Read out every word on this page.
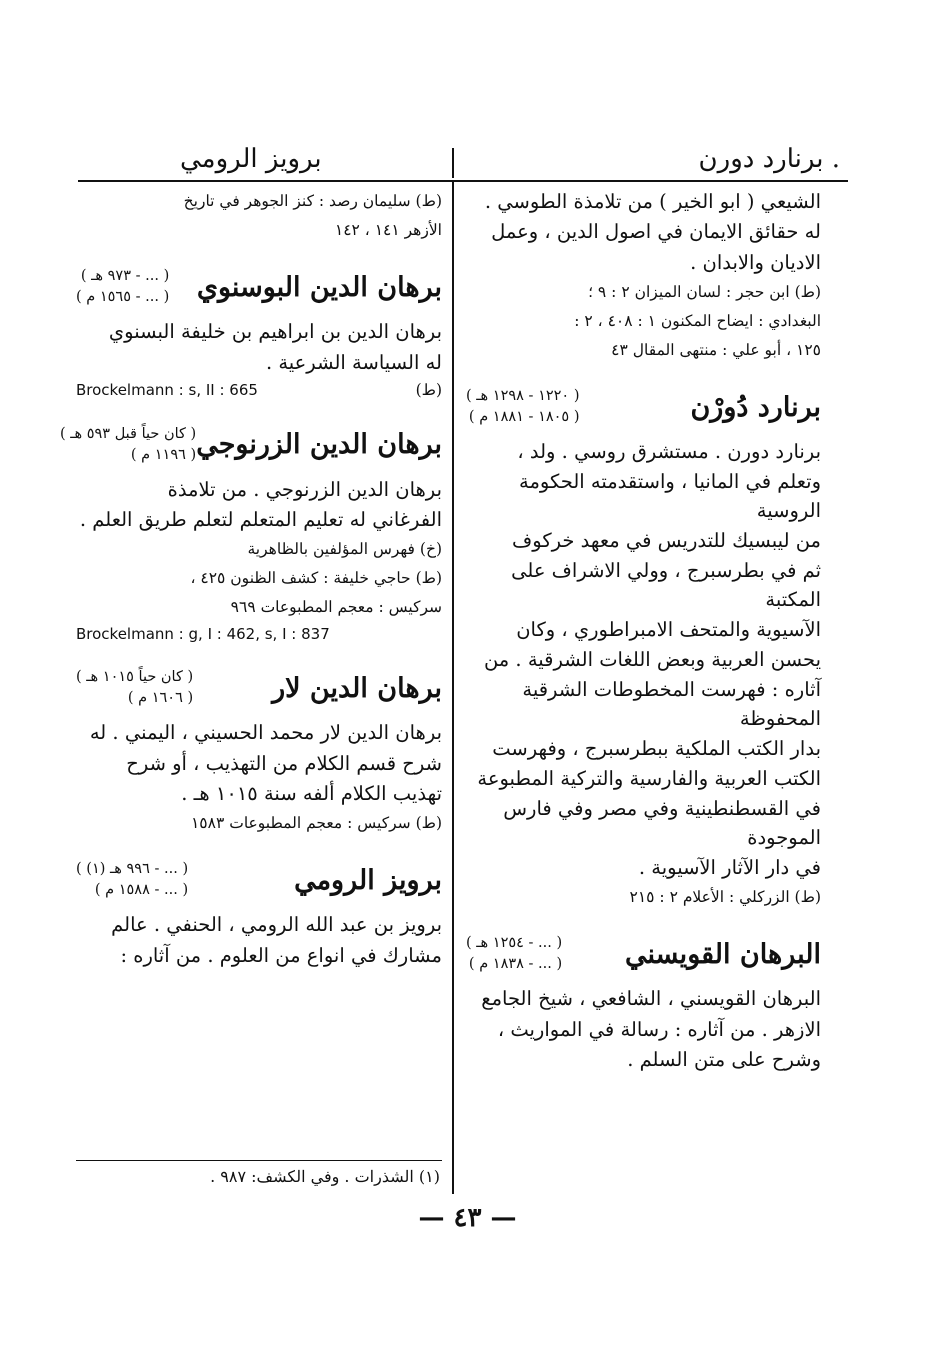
. برنارد دورن
برويز الرومي

الشيعي ( ابو الخير ) من تلامذة الطوسي .

له حقائق الايمان في اصول الدين ، وعمل

الاديان والابدان .

(ط) ابن حجر : لسان الميزان ٢ : ٩ ؛

البغدادي : ايضاح المكنون ١ : ٤٠٨ ، ٢ :

١٢٥ ، أبو علي : منتهى المقال ٤٣

برنارد دُورْن
( ١٢٢٠ - ١٢٩٨ هـ )
( ١٨٠٥ - ١٨٨١ م )

برنارد دورن . مستشرق روسي . ولد ،

وتعلم في المانيا ، واستقدمته الحكومة الروسية

من ليبسيك للتدريس في معهد خركوف

ثم في بطرسبرج ، وولي الاشراف على المكتبة

الآسيوية والمتحف الامبراطوري ، وكان

يحسن العربية وبعض اللغات الشرقية . من

آثاره : فهرست المخطوطات الشرقية المحفوظة

بدار الكتب الملكية ببطرسبرج ، وفهرست

الكتب العربية والفارسية والتركية المطبوعة

في القسطنطينية وفي مصر وفي فارس الموجودة

في دار الآثار الآسيوية .

(ط) الزركلي : الأعلام ٢ : ٢١٥

البرهان القويسني
( ... - ١٢٥٤ هـ )
( ... - ١٨٣٨ م )

البرهان القويسني ، الشافعي ، شيخ الجامع

الازهر . من آثاره : رسالة في المواريث ،

وشرح على متن السلم .

(ط) سليمان رصد : كنز الجوهر في تاريخ

الأزهر ١٤١ ، ١٤٢

برهان الدين البوسنوي
( ... - ٩٧٣ هـ )
( ... - ١٥٦٥ م )

برهان الدين بن ابراهيم بن خليفة البسنوي

له السياسة الشرعية .

(ط)
Brockelmann : s, II : 665
برهان الدين الزرنوجي
( كان حياً قبل ٥٩٣ هـ )
( ١١٩٦ م )

برهان الدين الزرنوجي . من تلامذة

الفرغاني له تعليم المتعلم لتعلم طريق العلم .

(خ) فهرس المؤلفين بالظاهرية

(ط) حاجي خليفة : كشف الظنون ٤٢٥ ،

سركيس : معجم المطبوعات ٩٦٩

Brockelmann : g, I : 462, s, I : 837
برهان الدين لار
( كان حياً ١٠١٥ هـ )
( ١٦٠٦ م )

برهان الدين لار محمد الحسيني ، اليمني . له

شرح قسم الكلام من التهذيب ، أو شرح

تهذيب الكلام ألفه سنة ١٠١٥ هـ .

(ط) سركيس : معجم المطبوعات ١٥٨٣

برويز الرومي
( ... - ٩٩٦ هـ (١) )
( ... - ١٥٨٨ م )

برويز بن عبد الله الرومي ، الحنفي . عالم

مشارك في انواع من العلوم . من آثاره :

(١) الشذرات . وفي الكشف: ٩٨٧ .
— ٤٣ —
